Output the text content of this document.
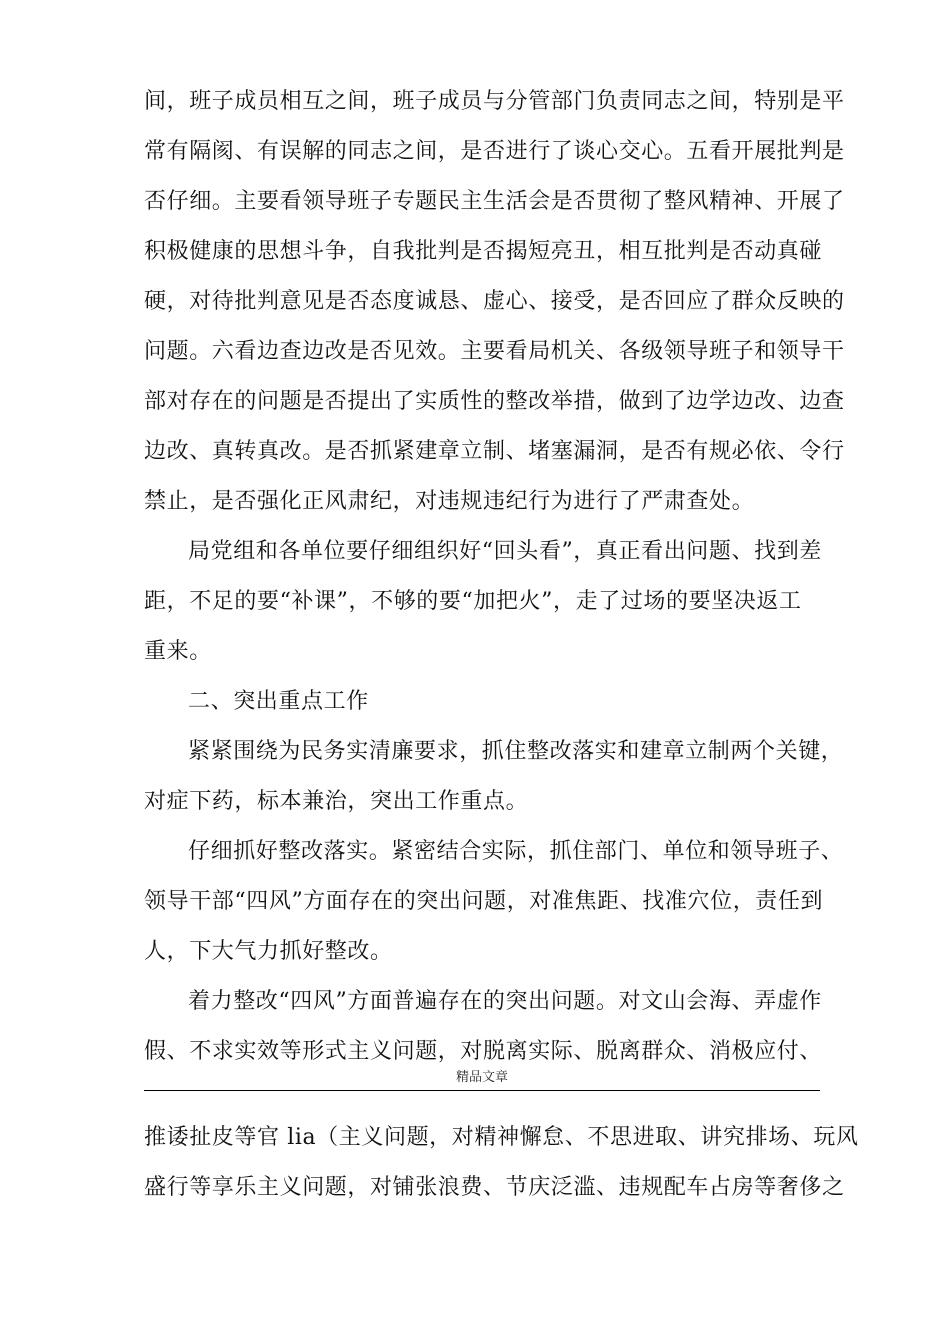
间，班子成员相互之间，班子成员与分管部门负责同志之间，特别是平
常有隔阂、有误解的同志之间，是否进行了谈心交心。五看开展批判是
否仔细。主要看领导班子专题民主生活会是否贯彻了整风精神、开展了
积极健康的思想斗争，自我批判是否揭短亮丑，相互批判是否动真碰
硬，对待批判意见是否态度诚恳、虚心、接受，是否回应了群众反映的
问题。六看边查边改是否见效。主要看局机关、各级领导班子和领导干
部对存在的问题是否提出了实质性的整改举措，做到了边学边改、边查
边改、真转真改。是否抓紧建章立制、堵塞漏洞，是否有规必依、令行
禁止，是否强化正风肃纪，对违规违纪行为进行了严肃查处。
局党组和各单位要仔细组织好“回头看”，真正看出问题、找到差
距，不足的要“补课”，不够的要“加把火”，走了过场的要坚决返工
重来。
二、突出重点工作
紧紧围绕为民务实清廉要求，抓住整改落实和建章立制两个关键，
对症下药，标本兼治，突出工作重点。
仔细抓好整改落实。紧密结合实际，抓住部门、单位和领导班子、
领导干部“四风”方面存在的突出问题，对准焦距、找准穴位，责任到
人，下大气力抓好整改。
着力整改“四风”方面普遍存在的突出问题。对文山会海、弄虚作
假、不求实效等形式主义问题，对脱离实际、脱离群众、消极应付、
精品文章
推诿扯皮等官 lia（主义问题，对精神懈怠、不思进取、讲究排场、玩风
盛行等享乐主义问题，对铺张浪费、节庆泛滥、违规配车占房等奢侈之
